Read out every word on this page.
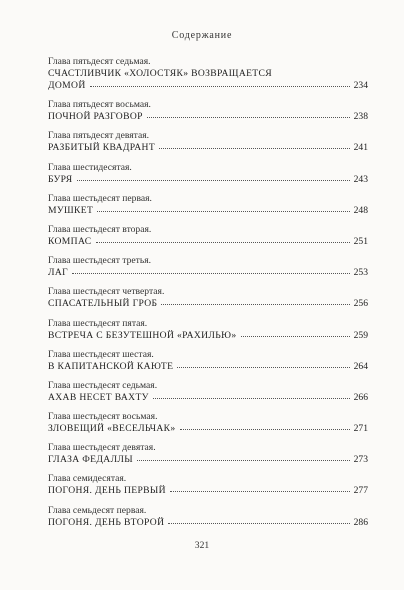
Содержание
Глава пятьдесят седьмая.
СЧАСТЛИВЧИК «ХОЛОСТЯК» ВОЗВРАЩАЕТСЯ
ДОМОЙ	234
Глава пятьдесят восьмая.
ПОЧНОЙ РАЗГОВОР	238
Глава пятьдесят девятая.
РАЗБИТЫЙ КВАДРАНТ	241
Глава шестидесятая.
БУРЯ	243
Глава шестьдесят первая.
МУШКЕТ	248
Глава шестьдесят вторая.
КОМПАС	251
Глава шестьдесят третья.
ЛАГ	253
Глава шестьдесят четвертая.
СПАСАТЕЛЬНЫЙ ГРОБ	256
Глава шестьдесят пятая.
ВСТРЕЧА С БЕЗУТЕШНОЙ «РАХИЛЬЮ»	259
Глава шестьдесят шестая.
В КАПИТАНСКОЙ КАЮТЕ	264
Глава шестьдесят седьмая.
АХАВ НЕСЕТ ВАХТУ	266
Глава шестьдесят восьмая.
ЗЛОВЕЩИЙ «ВЕСЕЛЬЧАК»	271
Глава шестьдесят девятая.
ГЛАЗА ФЕДАЛЛЫ	273
Глава семидесятая.
ПОГОНЯ. ДЕНЬ ПЕРВЫЙ	277
Глава семьдесят первая.
ПОГОНЯ. ДЕНЬ ВТОРОЙ	286
321
